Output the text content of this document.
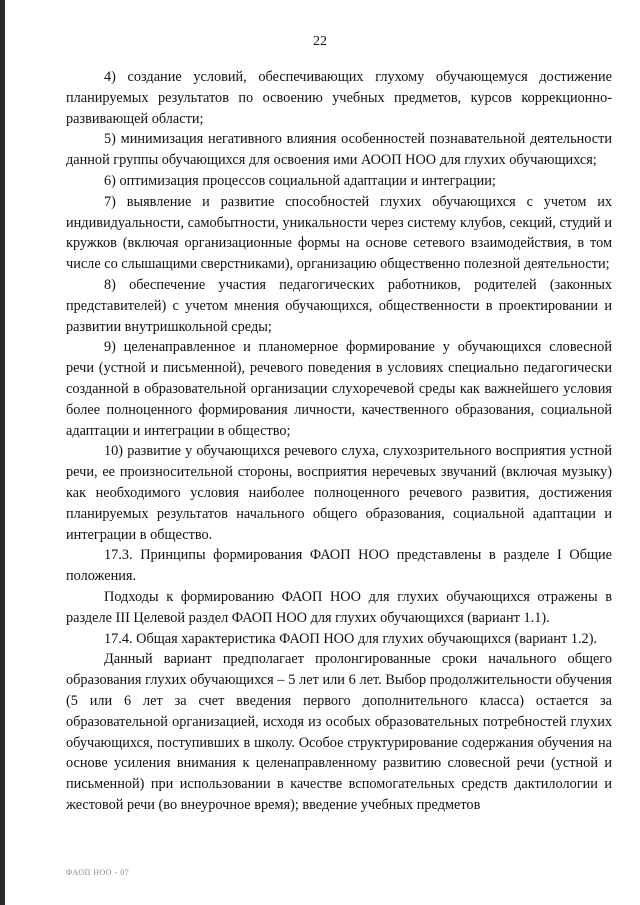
22

4) создание условий, обеспечивающих глухому обучающемуся достижение планируемых результатов по освоению учебных предметов, курсов коррекционно-развивающей области;

5) минимизация негативного влияния особенностей познавательной деятельности данной группы обучающихся для освоения ими АООП НОО для глухих обучающихся;

6) оптимизация процессов социальной адаптации и интеграции;

7) выявление и развитие способностей глухих обучающихся с учетом их индивидуальности, самобытности, уникальности через систему клубов, секций, студий и кружков (включая организационные формы на основе сетевого взаимодействия, в том числе со слышащими сверстниками), организацию общественно полезной деятельности;

8) обеспечение участия педагогических работников, родителей (законных представителей) с учетом мнения обучающихся, общественности в проектировании и развитии внутришкольной среды;

9) целенаправленное и планомерное формирование у обучающихся словесной речи (устной и письменной), речевого поведения в условиях специально педагогически созданной в образовательной организации слухоречевой среды как важнейшего условия более полноценного формирования личности, качественного образования, социальной адаптации и интеграции в общество;

10) развитие у обучающихся речевого слуха, слухозрительного восприятия устной речи, ее произносительной стороны, восприятия неречевых звучаний (включая музыку) как необходимого условия наиболее полноценного речевого развития, достижения планируемых результатов начального общего образования, социальной адаптации и интеграции в общество.

17.3. Принципы формирования ФАОП НОО представлены в разделе I Общие положения.

Подходы к формированию ФАОП НОО для глухих обучающихся отражены в разделе III Целевой раздел ФАОП НОО для глухих обучающихся (вариант 1.1).

17.4. Общая характеристика ФАОП НОО для глухих обучающихся (вариант 1.2).

Данный вариант предполагает пролонгированные сроки начального общего образования глухих обучающихся – 5 лет или 6 лет. Выбор продолжительности обучения (5 или 6 лет за счет введения первого дополнительного класса) остается за образовательной организацией, исходя из особых образовательных потребностей глухих обучающихся, поступивших в школу. Особое структурирование содержания обучения на основе усиления внимания к целенаправленному развитию словесной речи (устной и письменной) при использовании в качестве вспомогательных средств дактилологии и жестовой речи (во внеурочное время); введение учебных предметов

ФАОП НОО - 07
